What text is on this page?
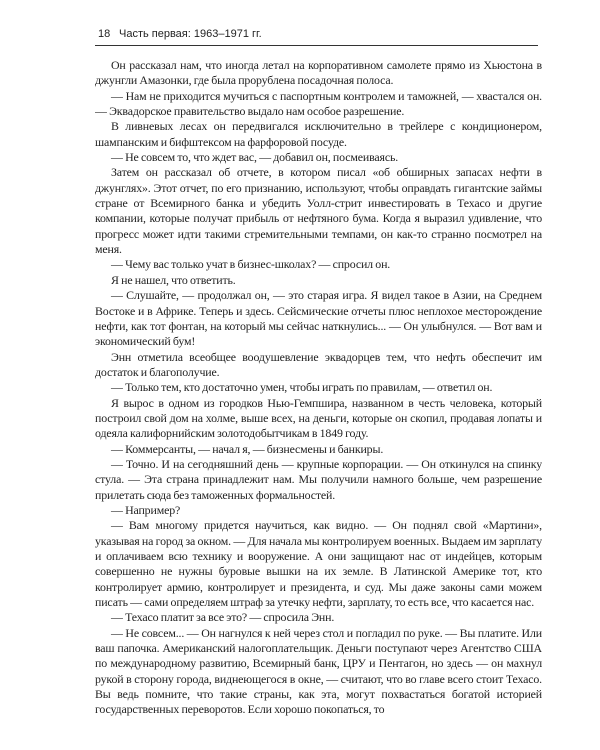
18 Часть первая: 1963–1971 гг.

Он рассказал нам, что иногда летал на корпоративном самолете прямо из Хьюстона в джунгли Амазонки, где была прорублена посадочная полоса.

— Нам не приходится мучиться с паспортным контролем и таможней, — хвастался он. — Эквадорское правительство выдало нам особое разрешение.

В ливневых лесах он передвигался исключительно в трейлере с кондиционером, шампанским и бифштексом на фарфоровой посуде.

— Не совсем то, что ждет вас, — добавил он, посмеиваясь.

Затем он рассказал об отчете, в котором писал «об обширных запасах нефти в джунглях». Этот отчет, по его признанию, используют, чтобы оправдать гигантские займы стране от Всемирного банка и убедить Уолл-стрит инвестировать в Техасо и другие компании, которые получат прибыль от нефтяного бума. Когда я выразил удивление, что прогресс может идти такими стремительными темпами, он как-то странно посмотрел на меня.

— Чему вас только учат в бизнес-школах? — спросил он.

Я не нашел, что ответить.

— Слушайте, — продолжал он, — это старая игра. Я видел такое в Азии, на Среднем Востоке и в Африке. Теперь и здесь. Сейсмические отчеты плюс неплохое месторождение нефти, как тот фонтан, на который мы сейчас наткнулись... — Он улыбнулся. — Вот вам и экономический бум!

Энн отметила всеобщее воодушевление эквадорцев тем, что нефть обеспечит им достаток и благополучие.

— Только тем, кто достаточно умен, чтобы играть по правилам, — ответил он.

Я вырос в одном из городков Нью-Гемпшира, названном в честь человека, который построил свой дом на холме, выше всех, на деньги, которые он скопил, продавая лопаты и одеяла калифорнийским золотодобытчикам в 1849 году.

— Коммерсанты, — начал я, — бизнесмены и банкиры.

— Точно. И на сегодняшний день — крупные корпорации. — Он откинулся на спинку стула. — Эта страна принадлежит нам. Мы получили намного больше, чем разрешение прилетать сюда без таможенных формальностей.

— Например?

— Вам многому придется научиться, как видно. — Он поднял свой «Мартини», указывая на город за окном. — Для начала мы контролируем военных. Выдаем им зарплату и оплачиваем всю технику и вооружение. А они защищают нас от индейцев, которым совершенно не нужны буровые вышки на их земле. В Латинской Америке тот, кто контролирует армию, контролирует и президента, и суд. Мы даже законы сами можем писать — сами определяем штраф за утечку нефти, зарплату, то есть все, что касается нас.

— Техасо платит за все это? — спросила Энн.

— Не совсем... — Он нагнулся к ней через стол и погладил по руке. — Вы платите. Или ваш папочка. Американский налогоплательщик. Деньги поступают через Агентство США по международному развитию, Всемирный банк, ЦРУ и Пентагон, но здесь — он махнул рукой в сторону города, виднеющегося в окне, — считают, что во главе всего стоит Техасо. Вы ведь помните, что такие страны, как эта, могут похвастаться богатой историей государственных переворотов. Если хорошо покопаться, то
